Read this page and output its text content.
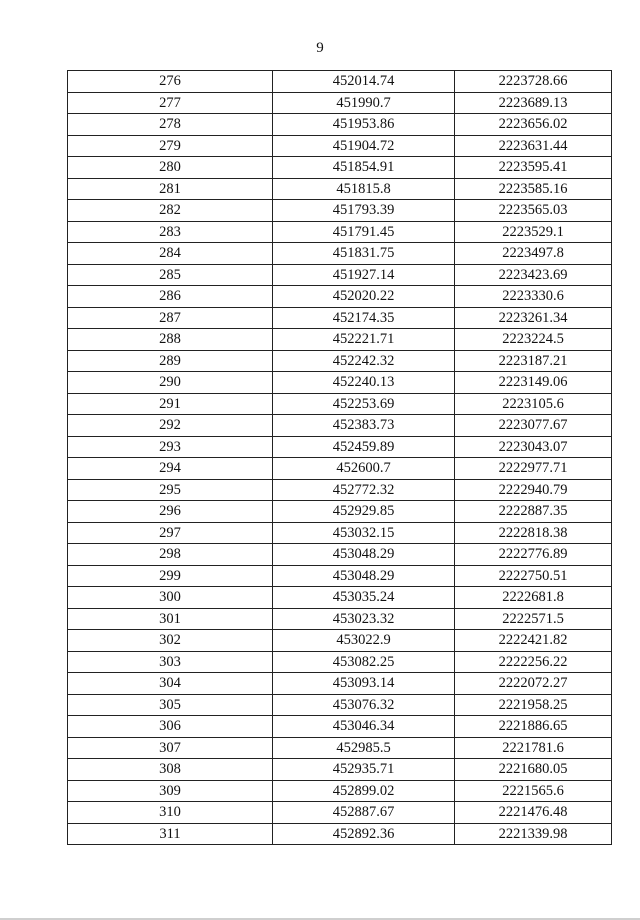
9
276	452014.74	2223728.66
277	451990.7	2223689.13
278	451953.86	2223656.02
279	451904.72	2223631.44
280	451854.91	2223595.41
281	451815.8	2223585.16
282	451793.39	2223565.03
283	451791.45	2223529.1
284	451831.75	2223497.8
285	451927.14	2223423.69
286	452020.22	2223330.6
287	452174.35	2223261.34
288	452221.71	2223224.5
289	452242.32	2223187.21
290	452240.13	2223149.06
291	452253.69	2223105.6
292	452383.73	2223077.67
293	452459.89	2223043.07
294	452600.7	2222977.71
295	452772.32	2222940.79
296	452929.85	2222887.35
297	453032.15	2222818.38
298	453048.29	2222776.89
299	453048.29	2222750.51
300	453035.24	2222681.8
301	453023.32	2222571.5
302	453022.9	2222421.82
303	453082.25	2222256.22
304	453093.14	2222072.27
305	453076.32	2221958.25
306	453046.34	2221886.65
307	452985.5	2221781.6
308	452935.71	2221680.05
309	452899.02	2221565.6
310	452887.67	2221476.48
311	452892.36	2221339.98
